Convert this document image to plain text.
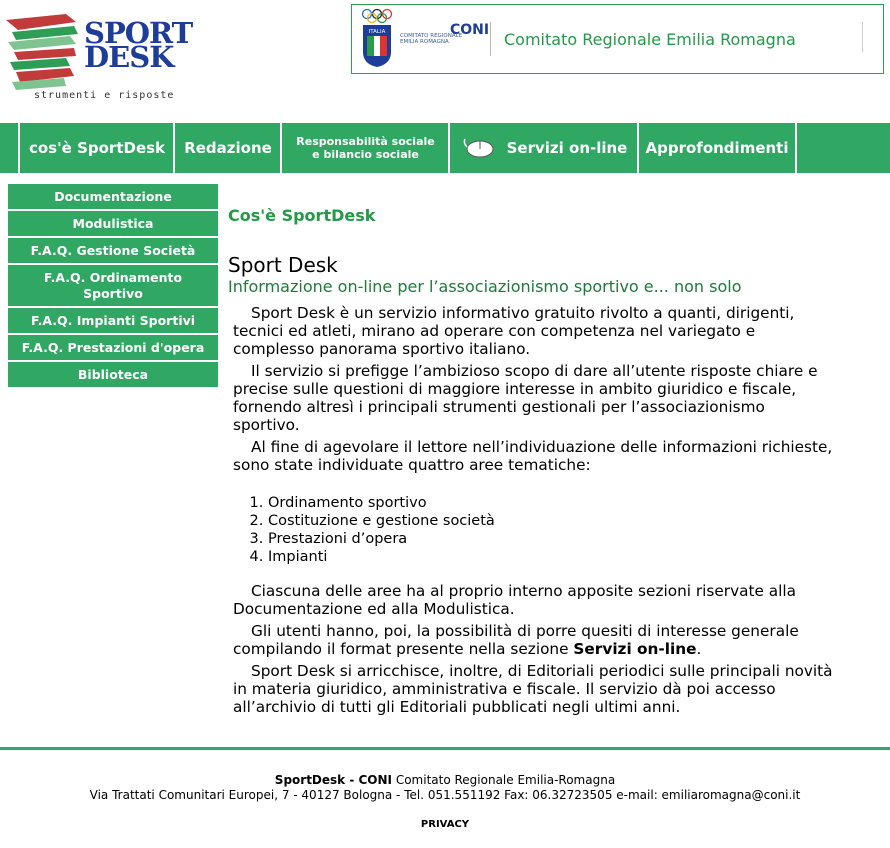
SPORT
DESK
strumenti e risposte
ITALIA	CONI
COMITATO REGIONALE EMILIA ROMAGNA	Comitato Regionale Emilia Romagna
cos'è SportDesk Redazione	Responsabilità sociale e bilancio sociale	Servizi on-line Approfondimenti
Documentazione
Modulistica
F.A.Q. Gestione Società
F.A.Q. Ordinamento Sportivo
F.A.Q. Impianti Sportivi
F.A.Q. Prestazioni d'opera
Biblioteca
Cos'è SportDesk
Sport Desk
Informazione on-line per l’associazionismo sportivo e... non solo

Sport Desk è un servizio informativo gratuito rivolto a quanti, dirigenti, tecnici ed atleti, mirano ad operare con competenza nel variegato e complesso panorama sportivo italiano.

Il servizio si prefigge l’ambizioso scopo di dare all’utente risposte chiare e precise sulle questioni di maggiore interesse in ambito giuridico e fiscale, fornendo altresì i principali strumenti gestionali per l’associazionismo sportivo.

Al fine di agevolare il lettore nell’individuazione delle informazioni richieste, sono state individuate quattro aree tematiche:

1. Ordinamento sportivo
2. Costituzione e gestione società
3. Prestazioni d’opera
4. Impianti

Ciascuna delle aree ha al proprio interno apposite sezioni riservate alla Documentazione ed alla Modulistica.

Gli utenti hanno, poi, la possibilità di porre quesiti di interesse generale compilando il format presente nella sezione Servizi on-line.

Sport Desk si arricchisce, inoltre, di Editoriali periodici sulle principali novità in materia giuridico, amministrativa e fiscale. Il servizio dà poi accesso all’archivio di tutti gli Editoriali pubblicati negli ultimi anni.

SportDesk - CONI Comitato Regionale Emilia-Romagna
Via Trattati Comunitari Europei, 7 - 40127 Bologna - Tel. 051.551192 Fax: 06.32723505 e-mail: emiliaromagna@coni.it
PRIVACY
